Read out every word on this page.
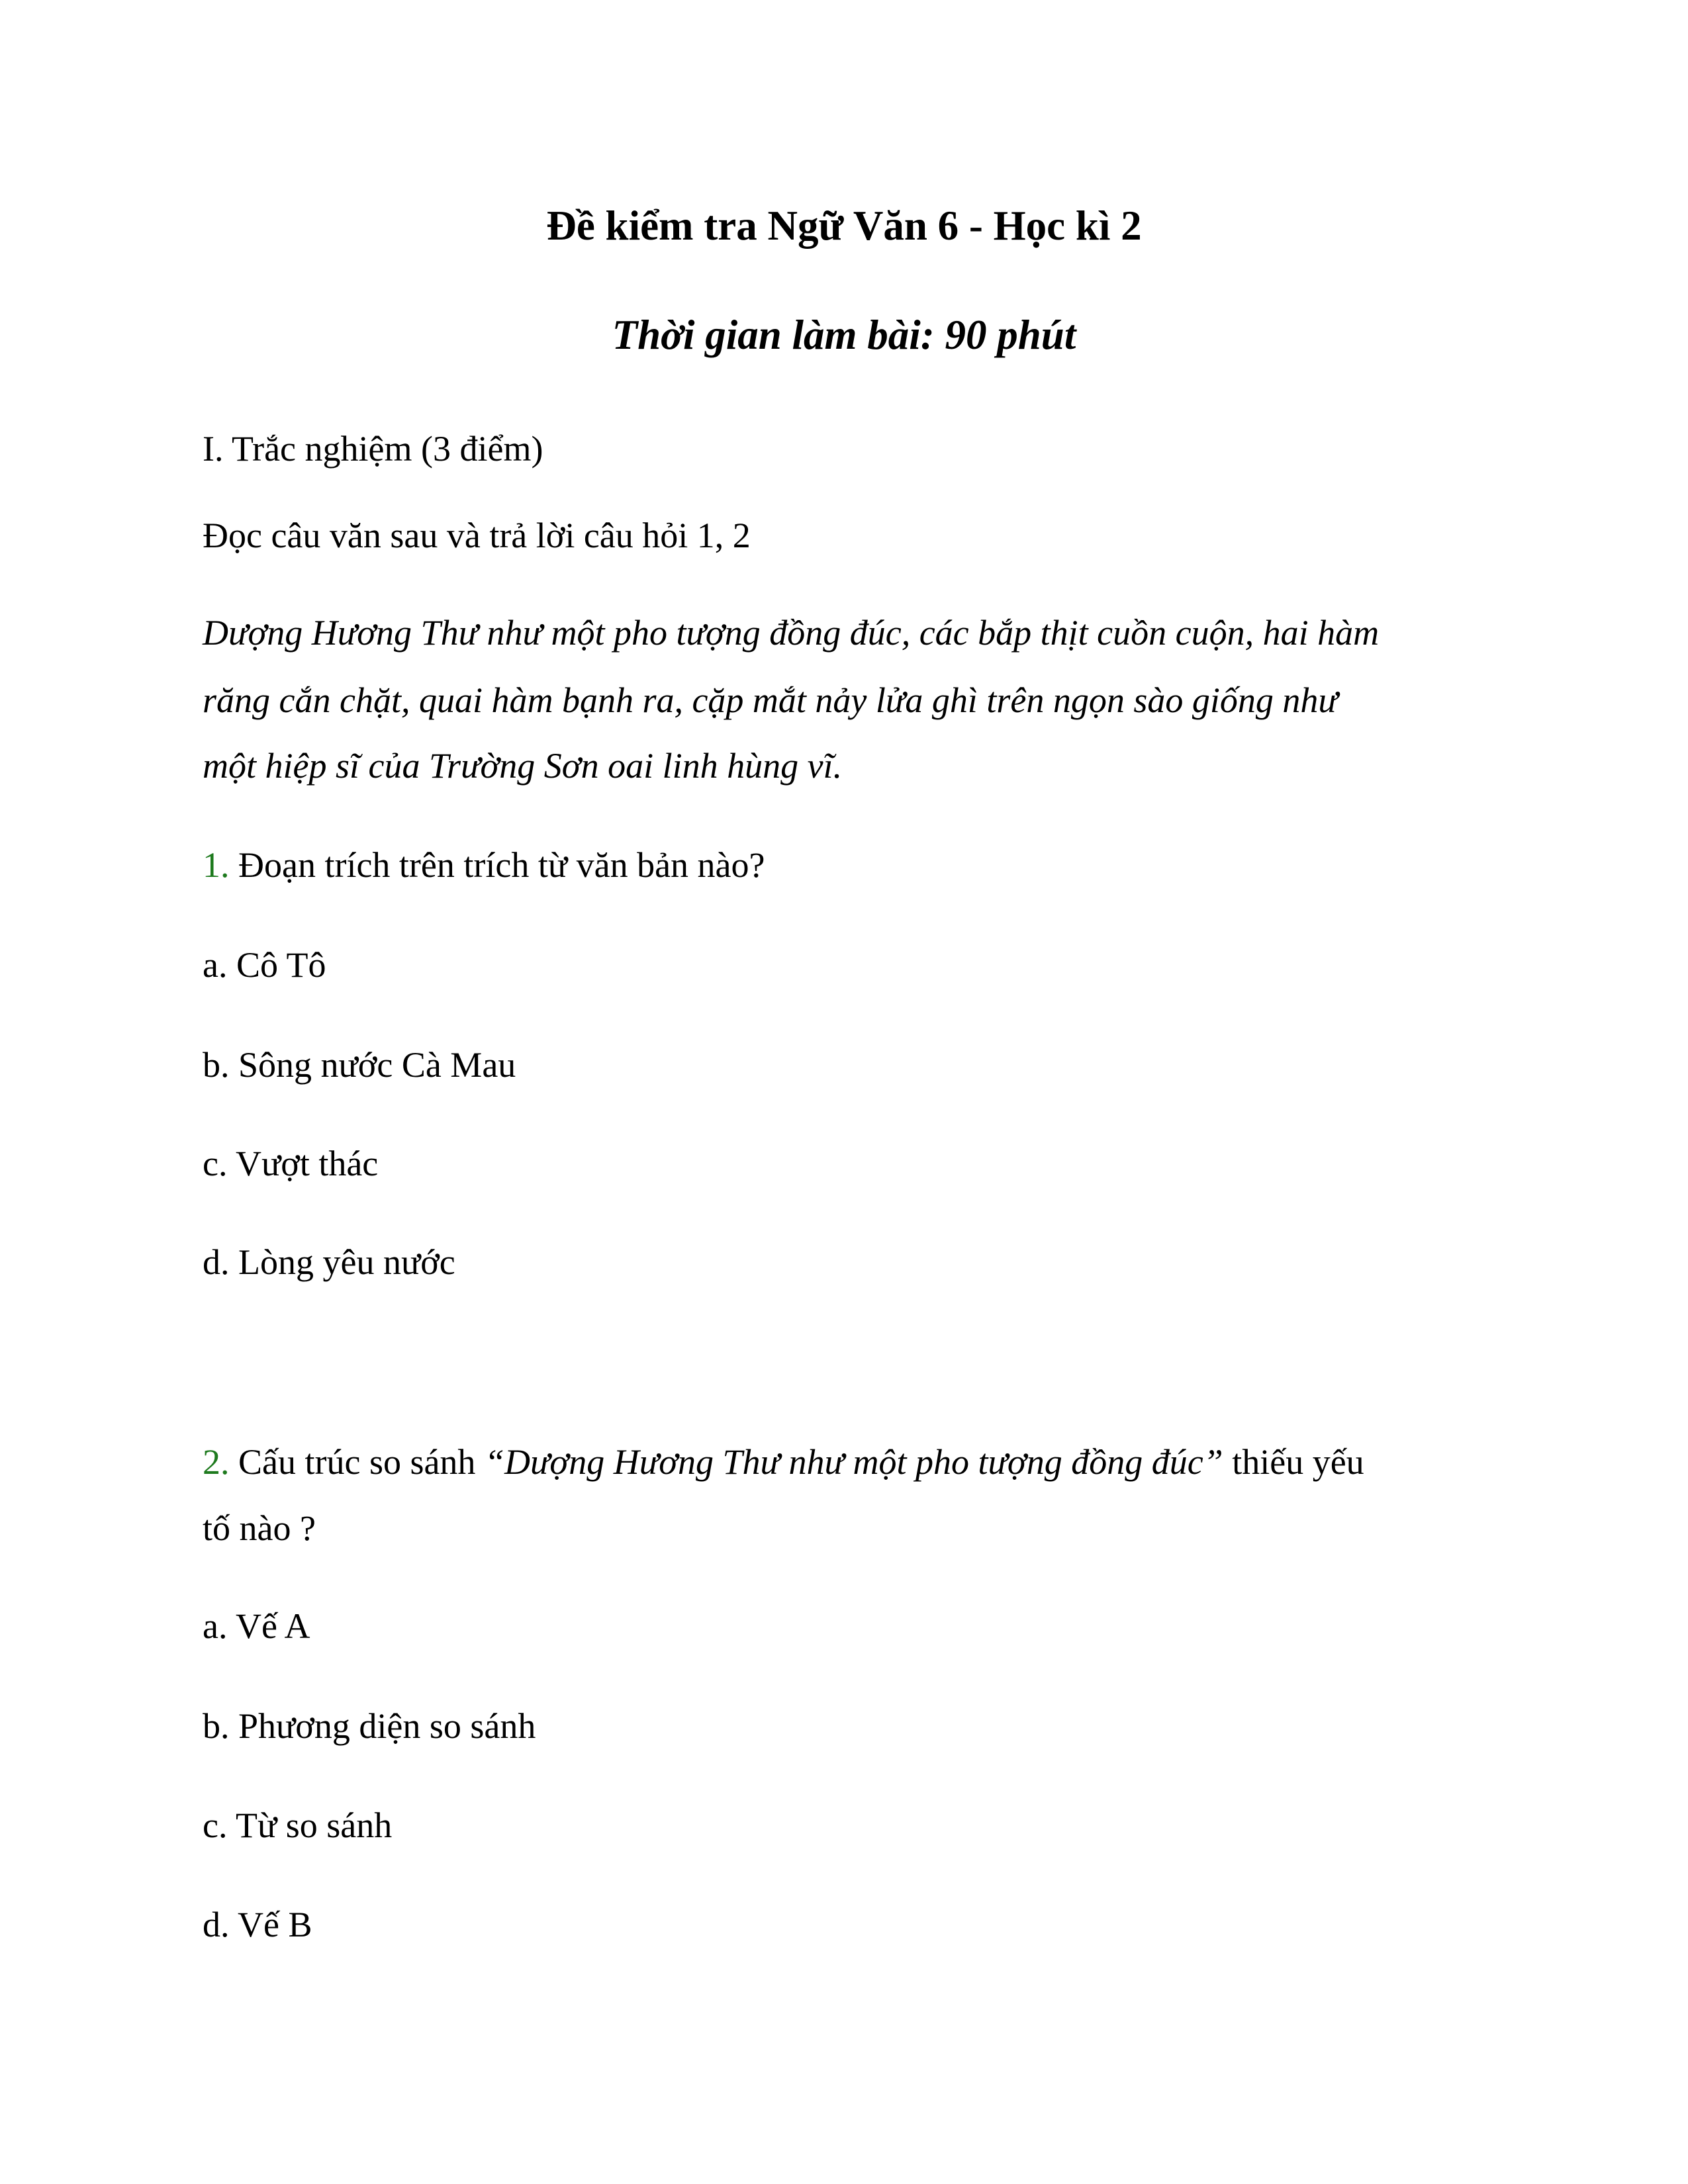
Đề kiểm tra Ngữ Văn 6 - Học kì 2
Thời gian làm bài: 90 phút
I. Trắc nghiệm (3 điểm)
Đọc câu văn sau và trả lời câu hỏi 1, 2
Dượng Hương Thư như một pho tượng đồng đúc, các bắp thịt cuồn cuộn, hai hàm
răng cắn chặt, quai hàm bạnh ra, cặp mắt nảy lửa ghì trên ngọn sào giống như
một hiệp sĩ của Trường Sơn oai linh hùng vĩ.
1. Đoạn trích trên trích từ văn bản nào?
a. Cô Tô
b. Sông nước Cà Mau
c. Vượt thác
d. Lòng yêu nước
2. Cấu trúc so sánh “Dượng Hương Thư như một pho tượng đồng đúc” thiếu yếu
tố nào ?
a. Vế A
b. Phương diện so sánh
c. Từ so sánh
d. Vế B
